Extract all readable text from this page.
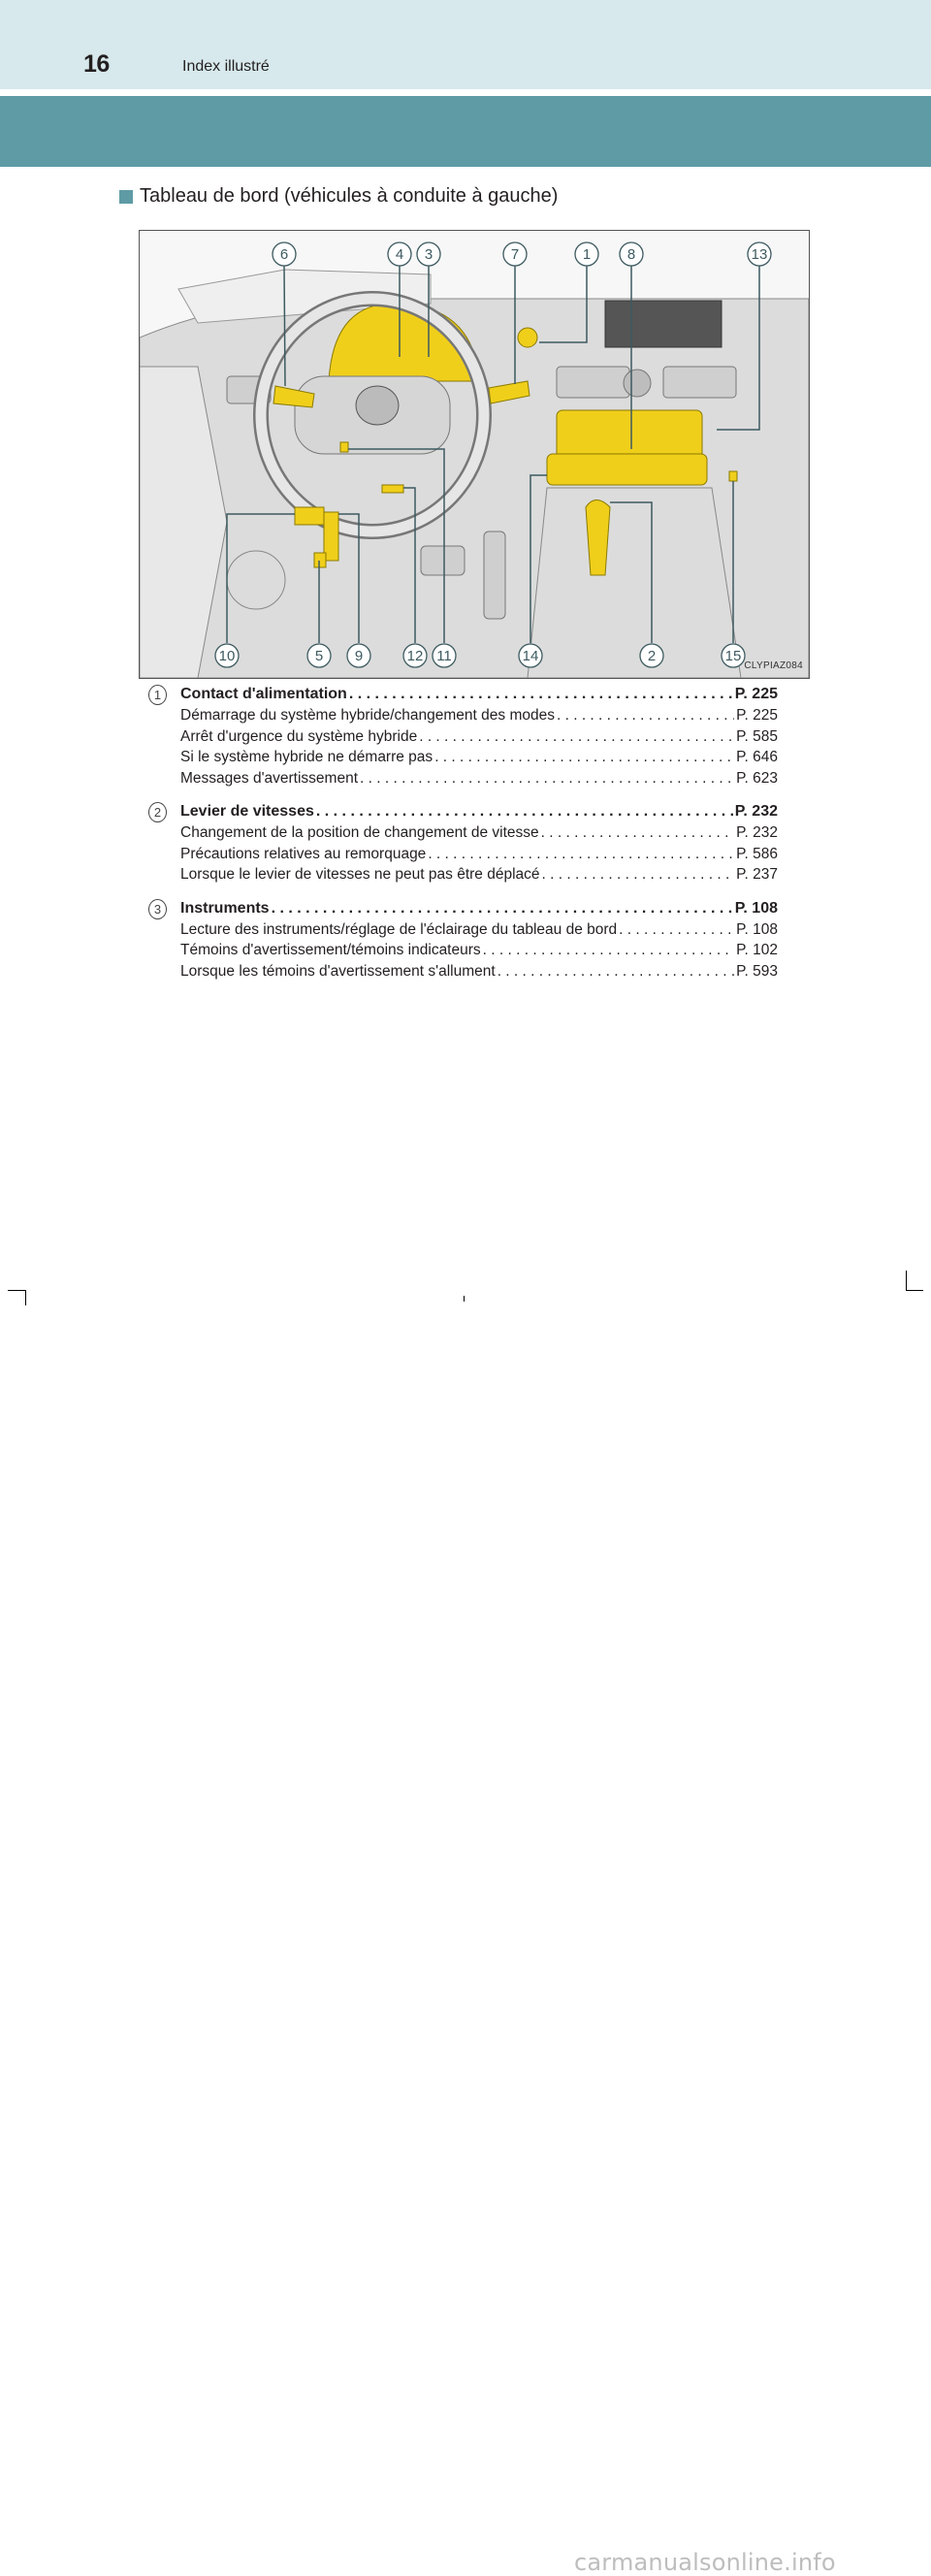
16	Index illustré
Tableau de bord (véhicules à conduite à gauche)
6	4 3	7	1	8	13
10	5 9	12 11	14	2	15
CLYPIAZ084
1	Contact d'alimentation . . .	P. 225
Démarrage du système hybride/changement des modes . . .	P. 225
Arrêt d'urgence du système hybride . . .	P. 585
Si le système hybride ne démarre pas . . .	P. 646
Messages d'avertissement . . .	P. 623
2	Levier de vitesses . . .	P. 232
Changement de la position de changement de vitesse . . .	P. 232
Précautions relatives au remorquage . . .	P. 586
Lorsque le levier de vitesses ne peut pas être déplacé . . .	P. 237
3	Instruments . . .	P. 108
Lecture des instruments/réglage de l'éclairage du tableau de bord . . .	P. 108
Témoins d'avertissement/témoins indicateurs . . .	P. 102
Lorsque les témoins d'avertissement s'allument . . .	P. 593
carmanualsonline.info
